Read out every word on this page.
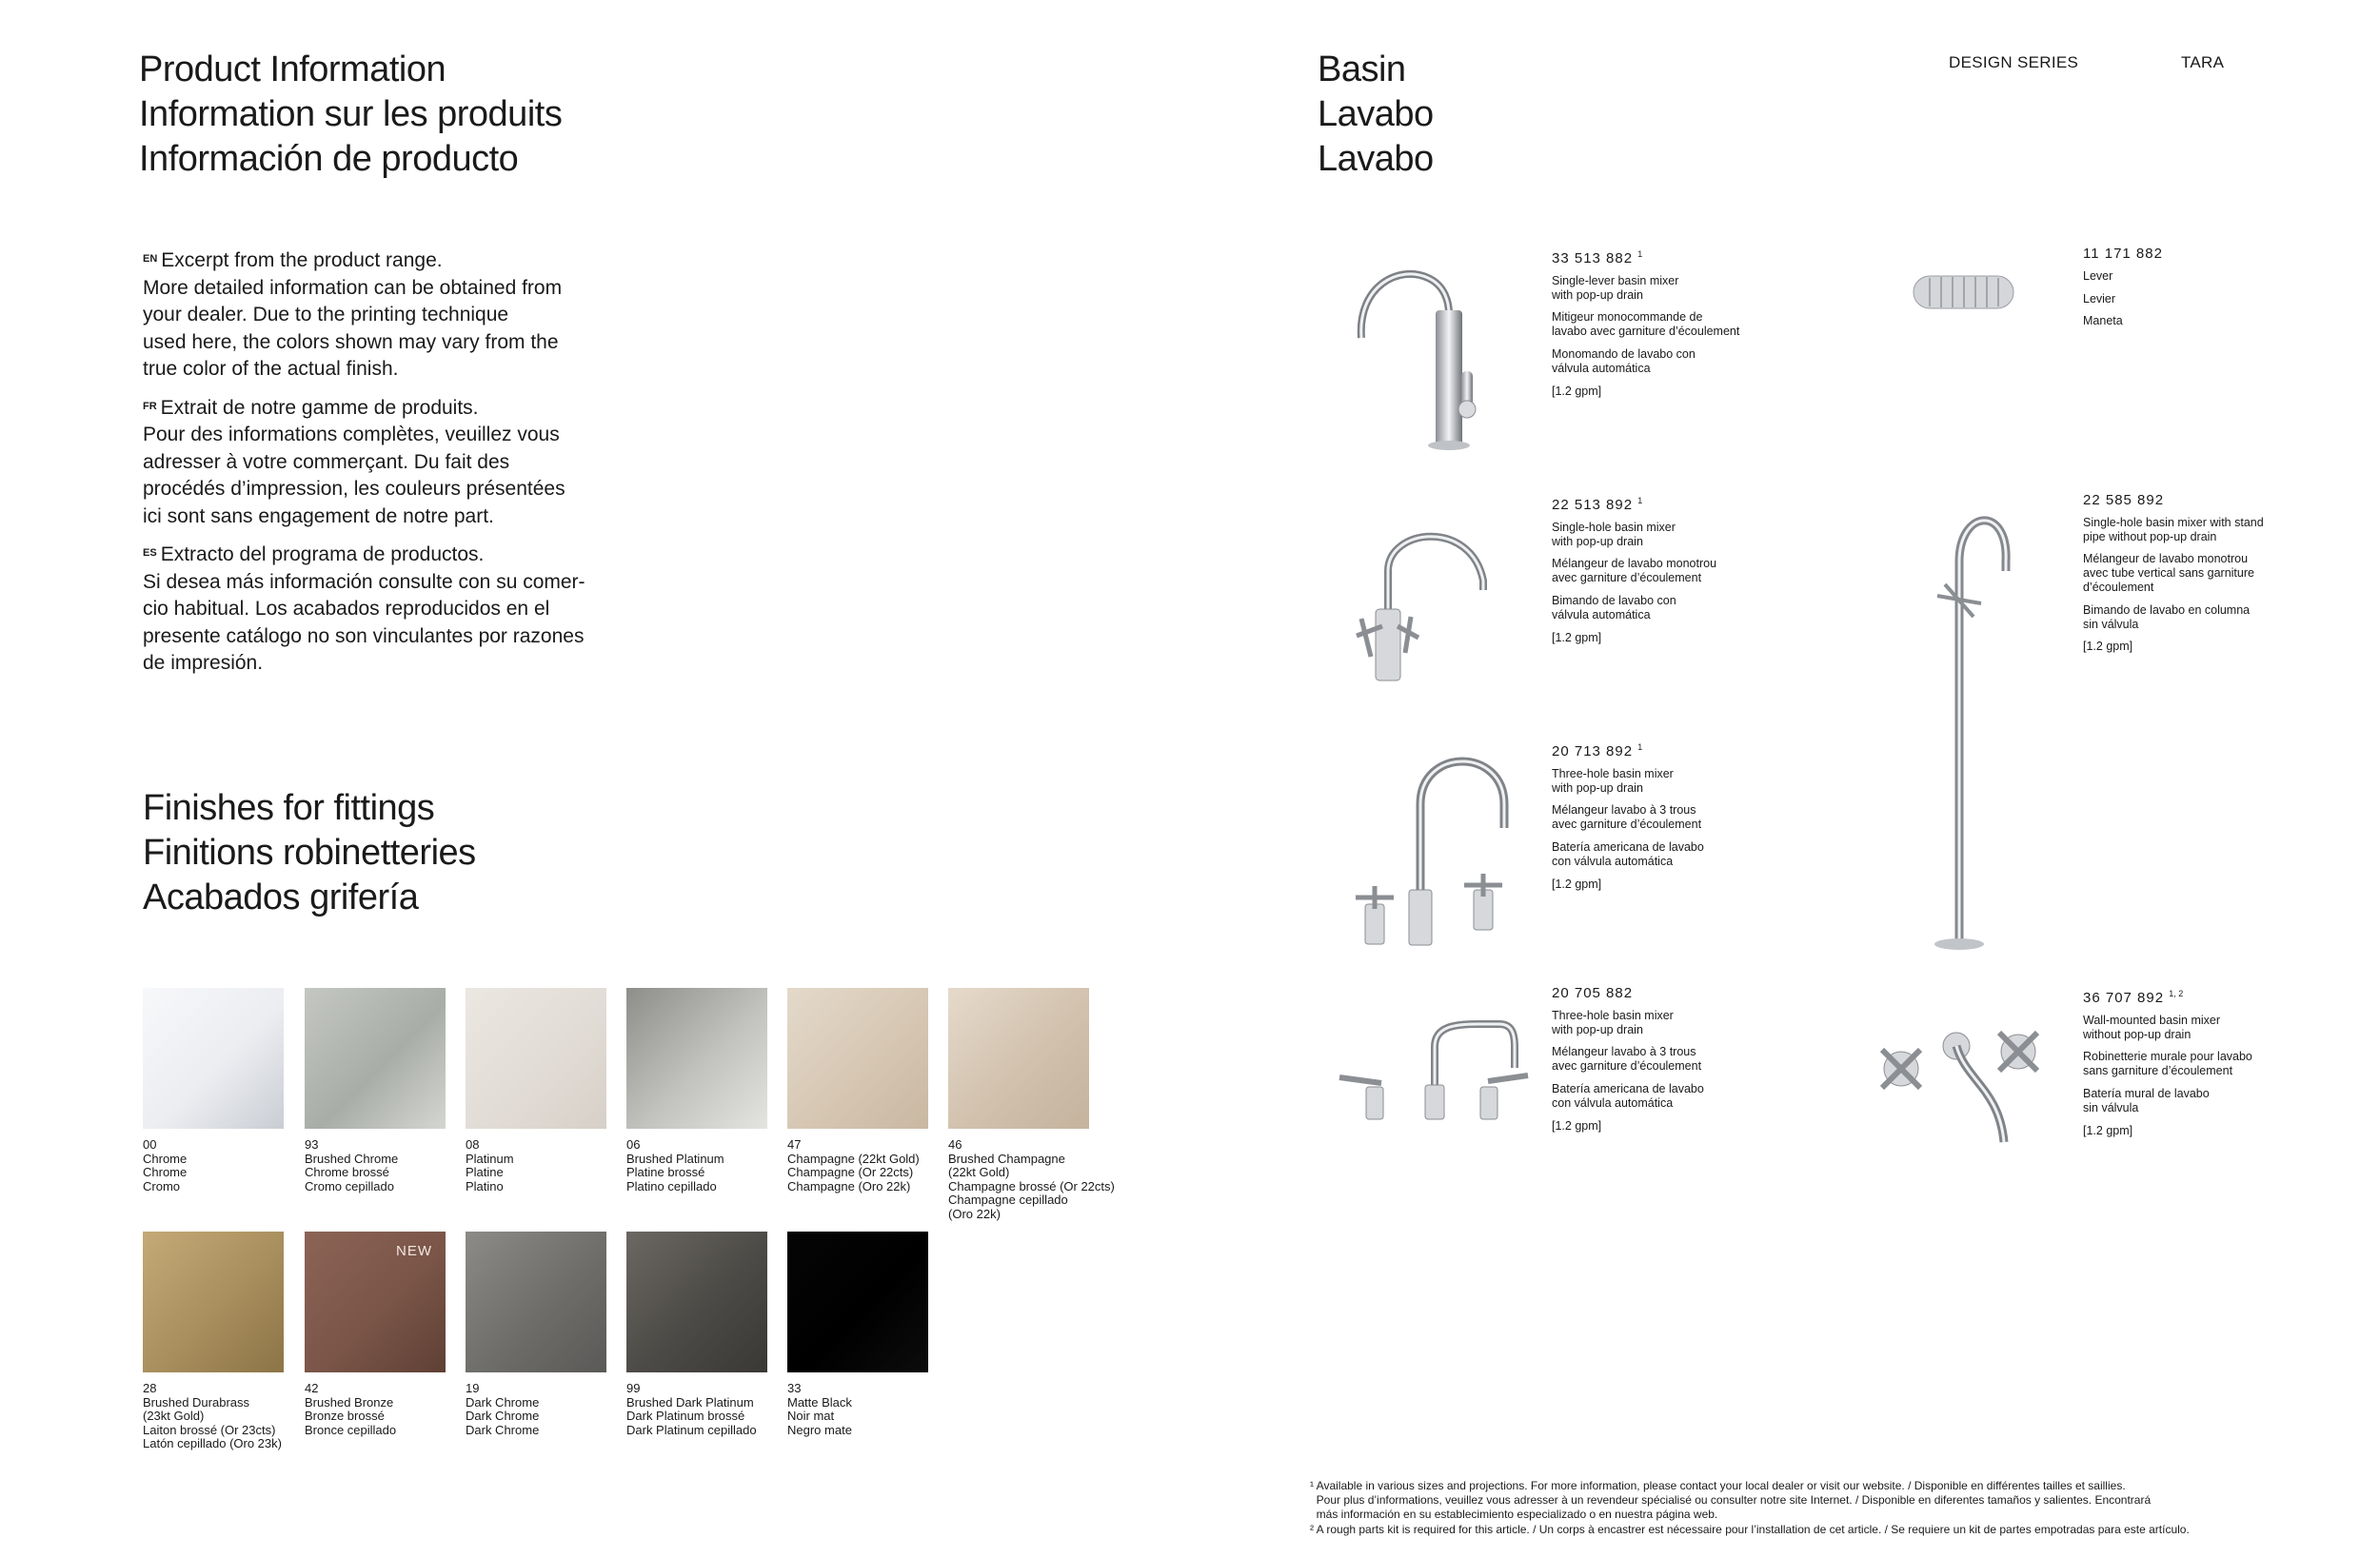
Product Information
Information sur les produits
Información de producto

$^{EN}$ Excerpt from the product range.
More detailed information can be obtained from
your dealer. Due to the printing technique
used here, the colors shown may vary from the
true color of the actual finish.

$^{FR}$ Extrait de notre gamme de produits.
Pour des informations complètes, veuillez vous
adresser à votre commerçant. Du fait des
procédés d’impression, les couleurs présentées
ici sont sans engagement de notre part.

$^{ES}$ Extracto del programa de productos.
Si desea más información consulte con su comer-
cio habitual. Los acabados reproducidos en el
presente catálogo no son vinculantes por razones
de impresión.

Finishes for fittings
Finitions robinetteries
Acabados grifería
00
Chrome
Chrome
Cromo
93
Brushed Chrome
Chrome brossé
Cromo cepillado
08
Platinum
Platine
Platino
06
Brushed Platinum
Platine brossé
Platino cepillado
47
Champagne (22kt Gold)
Champagne (Or 22cts)
Champagne (Oro 22k)
46
Brushed Champagne
(22kt Gold)
Champagne brossé (Or 22cts)
Champagne cepillado
(Oro 22k)
NEW
28
Brushed Durabrass
(23kt Gold)
Laiton brossé (Or 23cts)
Latón cepillado (Oro 23k)
42
Brushed Bronze
Bronze brossé
Bronce cepillado
19
Dark Chrome
Dark Chrome
Dark Chrome
99
Brushed Dark Platinum
Dark Platinum brossé
Dark Platinum cepillado
33
Matte Black
Noir mat
Negro mate
Basin
Lavabo
Lavabo
DESIGN SERIES	TARA
33 513 882 $^1$
Single-lever basin mixer
with pop-up drain
Mitigeur monocommande de
lavabo avec garniture d’écoulement
Monomando de lavabo con
válvula automática
[1.2 gpm]
11 171 882
Lever
Levier
Maneta
22 513 892 $^1$
Single-hole basin mixer
with pop-up drain
Mélangeur de lavabo monotrou
avec garniture d’écoulement
Bimando de lavabo con
válvula automática
[1.2 gpm]
22 585 892
Single-hole basin mixer with stand
pipe without pop-up drain
Mélangeur de lavabo monotrou
avec tube vertical sans garniture
d’écoulement
Bimando de lavabo en columna
sin válvula
[1.2 gpm]
20 713 892 $^1$
Three-hole basin mixer
with pop-up drain
Mélangeur lavabo à 3 trous
avec garniture d’écoulement
Batería americana de lavabo
con válvula automática
[1.2 gpm]
20 705 882
Three-hole basin mixer
with pop-up drain
Mélangeur lavabo à 3 trous
avec garniture d’écoulement
Batería americana de lavabo
con válvula automática
[1.2 gpm]
36 707 892 $^{1, 2}$
Wall-mounted basin mixer
without pop-up drain
Robinetterie murale pour lavabo
sans garniture d’écoulement
Batería mural de lavabo
sin válvula
[1.2 gpm]
¹ Available in various sizes and projections. For more information, please contact your local dealer or visit our website. / Disponible en différentes tailles et saillies.
Pour plus d’informations, veuillez vous adresser à un revendeur spécialisé ou consulter notre site Internet. / Disponible en diferentes tamaños y salientes. Encontrará
más información en su establecimiento especializado o en nuestra página web.
² A rough parts kit is required for this article. / Un corps à encastrer est nécessaire pour l’installation de cet article. / Se requiere un kit de partes empotradas para este artículo.
